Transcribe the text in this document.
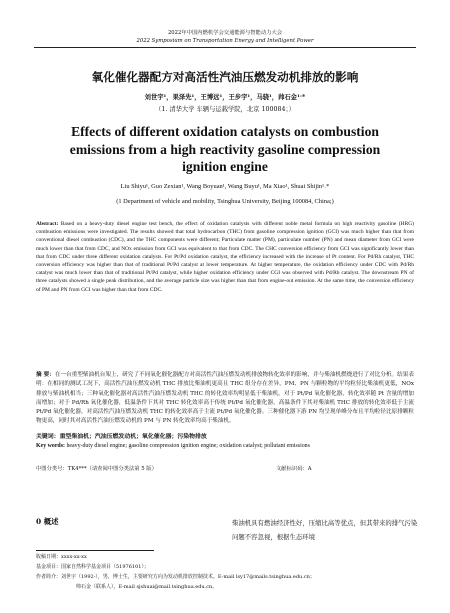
2022年中国内燃机学会交通能源与智能动力大会
2022 Symposium on Transportation Energy and Intelligent Power
氧化催化器配方对高活性汽油压燃发动机排放的影响
刘世宇¹，果泽先¹，王博远¹，王步宇¹，马骁¹，帅石金¹˒*
（1. 清华大学 车辆与运载学院，北京 100084；）
Effects of different oxidation catalysts on combustion
emissions from a high reactivity gasoline compression
ignition engine
Liu Shiyu¹, Guo Zexian¹, Wang Boyuan¹, Wang Buyu¹, Ma Xiao¹, Shuai Shijin¹˒*
(1 Department of vehicle and mobility, Tsinghua University, Beijing 100084, China;)
Abstract: Based on a heavy-duty diesel engine test bench, the effect of oxidation catalysts with different noble metal formula on high reactivity gasoline (HRG) combustion emissions were investigated. The results showed that total hydrocarbon (THC) from gasoline compression ignition (GCI) was much higher than that from conventional diesel combustion (CDC), and the THC components were different; Particulate matter (PM), particulate number (PN) and mean diameter from GCI were much lower than that from CDC, and NOx emission from GCI was equivalent to that from CDC. The CHC conversion efficiency from GCI was significantly lower than that from CDC under three different oxidation catalysts. For Pt/Pd oxidation catalyst, the efficiency increased with the increase of Pt content. For Pd/Rh catalyst, THC conversion efficiency was higher than that of traditional Pt/Pd catalyst at lower temperature. At higher temperature, the oxidation efficiency under CDC with Pd/Rh catalyst was much lower than that of traditional Pt/Pd catalyst, while higher oxidation efficiency under CGI was observed with Pd/Rh catalyst. The downstream PN of three catalysts showed a single peak distribution, and the average particle size was higher than that from engine-out emission. At the same time, the conversion efficiency of PM and PN from GCI was higher than that from CDC.
摘 要：在一台重型柴油机台架上，研究了不同氧化催化器配方对高活性汽油压燃发动机排放物转化效率的影响，并与柴油机燃烧进行了对比分析。结果表明：在相同的测试工况下，高活性汽油压燃发动机 THC 排放比柴油机更高且 THC 组分存在差异，PM、PN 与颗粒物的平均粒径比柴油机更低，NOx 排放与柴油机相当；三种氧化催化器对高活性汽油压燃发动机 THC 的转化效率均明显低于柴油机。对于 Pt/Pd 氧化催化器，转化效率随 Pt 含量的增加而增加；对于 Pd/Rh 氧化催化器，低温条件下其对 THC 转化效率高于传统 Pt/Pd 氧化催化器，高温条件下其对柴油机 THC 排放的转化效率低于主流 Pt/Pd 氧化催化器，对高活性汽油压燃发动机 THC 的转化效率高于主流 Pt/Pd 氧化催化器。三种催化器下游 PN 均呈现单峰分布且平均粒径比原排颗粒物更高，同时其对高活性汽油压燃发动机的 PM 与 PN 转化效率均高于柴油机。
关键词：重型柴油机；汽油压燃发动机；氧化催化器；污染物排放
Key words: heavy-duty diesel engine; gasoline compression ignition engine; oxidation catalyst; pollutant emissions
中图分类号：TK4***（请查阅中图分类法第 5 版）	文献标识码：A
0 概述	柴油机具有燃油经济性好，压缩比高等优点，但其带来的排气污染问题不容忽视，根据生态环境
收稿日期：xxxx-xx-xx
基金项目：国家自然科学基金项目（51976101）；
作者简介：刘世宇（1992-），男，博士生，主要研究方向为发动机排放控制技术。E-mail lsy17@mails.tsinghua.edu.cn；
帅石金（联系人），E-mail sjshuai@mail.tsinghua.edu.cn。
